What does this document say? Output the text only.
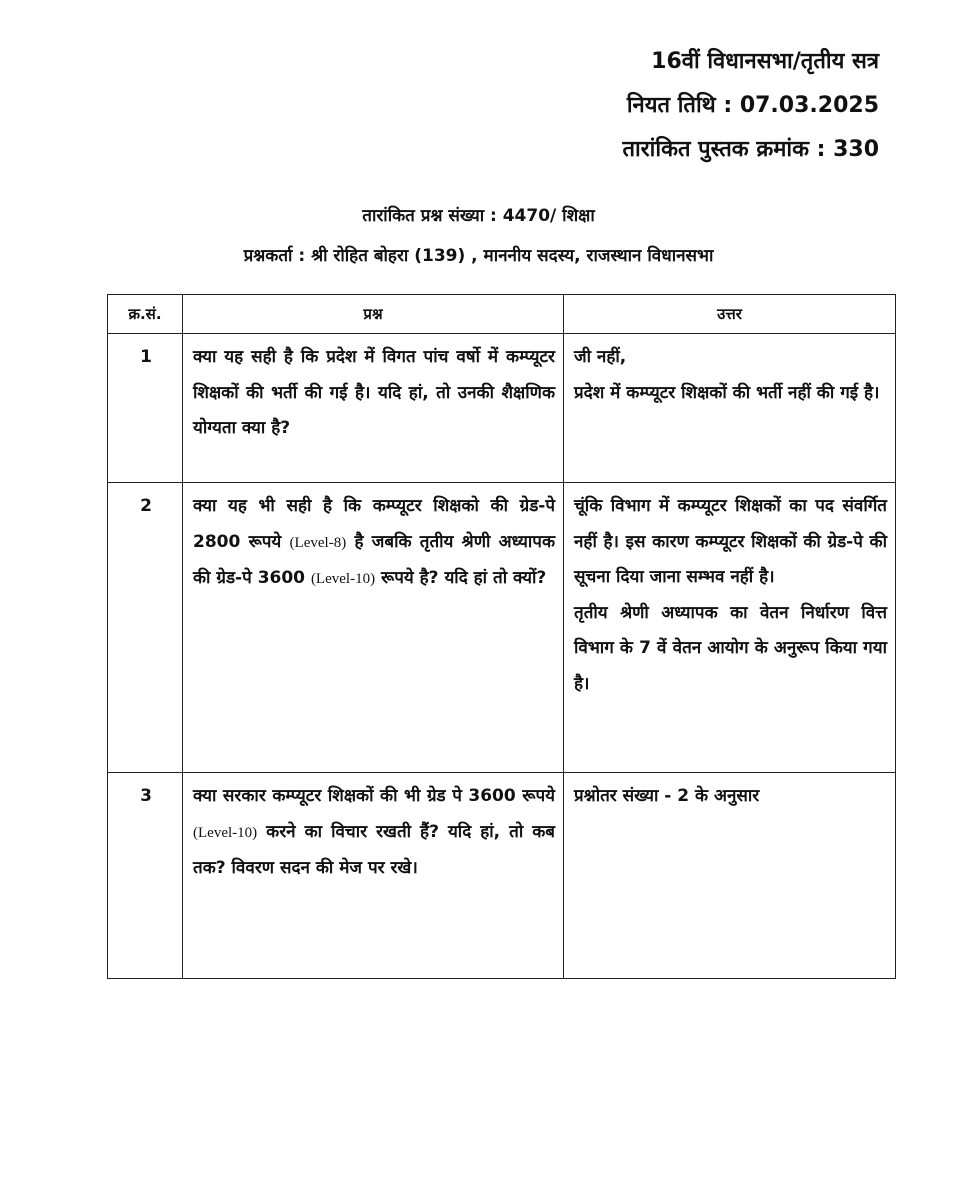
16वीं विधानसभा/तृतीय सत्र
नियत तिथि : 07.03.2025
तारांकित पुस्तक क्रमांक : 330
तारांकित प्रश्न संख्या : 4470/ शिक्षा
प्रश्नकर्ता : श्री रोहित बोहरा (139) , माननीय सदस्य, राजस्थान विधानसभा
क्र.सं.	प्रश्न	उत्तर
1	क्या यह सही है कि प्रदेश में विगत पांच वर्षो में कम्प्यूटर शिक्षकों की भर्ती की गई है। यदि हां, तो उनकी शैक्षणिक योग्यता क्या है?	जी नहीं,
प्रदेश में कम्प्यूटर शिक्षकों की भर्ती नहीं की गई है।

2	क्या यह भी सही है कि कम्प्यूटर शिक्षको की ग्रेड-पे 2800 रूपये (Level-8) है जबकि तृतीय श्रेणी अध्यापक की ग्रेड-पे 3600 (Level-10) रूपये है? यदि हां तो क्यों?	चूंकि विभाग में कम्प्यूटर शिक्षकों का पद संवर्गित नहीं है। इस कारण कम्प्यूटर शिक्षकों की ग्रेड-पे की सूचना दिया जाना सम्भव नहीं है।
तृतीय श्रेणी अध्यापक का वेतन निर्धारण वित्त विभाग के 7 वें वेतन आयोग के अनुरूप किया गया है।

3	क्या सरकार कम्प्यूटर शिक्षकों की भी ग्रेड पे 3600 रूपये (Level-10) करने का विचार रखती हैं? यदि हां, तो कब तक? विवरण सदन की मेज पर रखे।	प्रश्नोतर संख्या - 2 के अनुसार
